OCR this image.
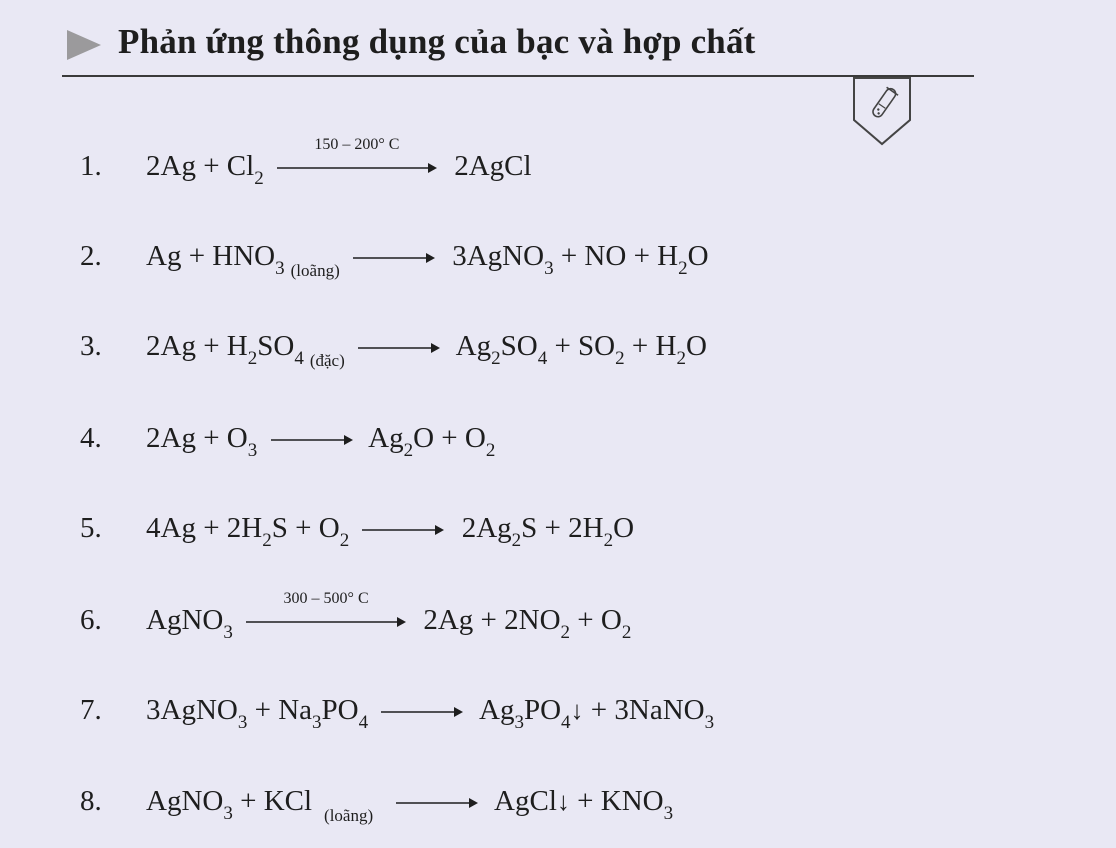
Phản ứng thông dụng của bạc và hợp chất
1. $2Ag + Cl_2$
150 – 200° C
2AgCl
2. $Ag + HNO_3$ $_{(loãng)}$ → 3AgNO$_3$ + NO + $H_2O$
3. $2Ag + H_2SO_4$ $_{(đặc)} \to Ag_2SO_4 + SO_2 + H_2O$
4. $2Ag + O_3 \to Ag_2O + O_2$
5. $4Ag + 2H_2S + O_2 \to 2Ag_2S + 2H_2O$
6. AgNO$_3$
300 – 500° C
$2Ag + 2NO_2 + O_2$
7. 3AgNO$_3$ + $Na_3PO_4$ → $Ag_3PO_4↓$ + 3NaNO$_3$
8. AgNO$_3$ + KCl $_{(loãng)}$ → AgCl↓ + $KNO_3$
